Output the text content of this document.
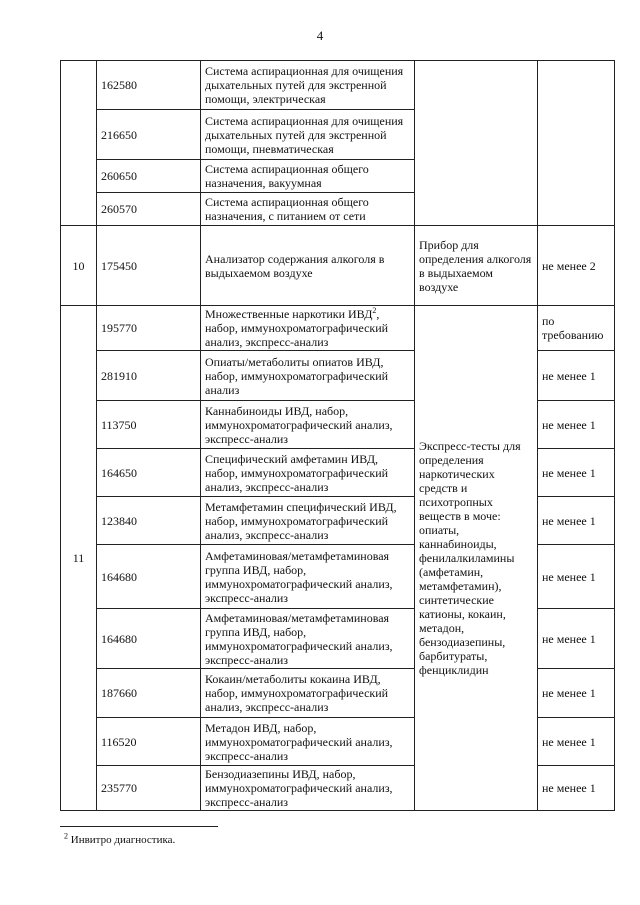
4
	162580	Система аспирационная для очищения дыхательных путей для экстренной помощи, электрическая		
	216650	Система аспирационная для очищения дыхательных путей для экстренной помощи, пневматическая		
	260650	Система аспирационная общего назначения, вакуумная		
	260570	Система аспирационная общего назначения, с питанием от сети		
10	175450	Анализатор содержания алкоголя в выдыхаемом воздухе	Прибор для определения алкоголя в выдыхаемом воздухе	не менее 2
11	195770	Множественные наркотики ИВД$^2$, набор, иммунохроматографический анализ, экспресс-анализ	Экспресс-тесты для определения наркотических средств и психотропных веществ в моче: опиаты, каннабиноиды, фенилалкиламины (амфетамин, метамфетамин), синтетические катионы, кокаин, метадон, бензодиазепины, барбитураты, фенциклидин	по требованию
	281910	Опиаты/метаболиты опиатов ИВД, набор, иммунохроматографический анализ		не менее 1
	113750	Каннабиноиды ИВД, набор, иммунохроматографический анализ, экспресс-анализ		не менее 1
	164650	Специфический амфетамин ИВД, набор, иммунохроматографический анализ, экспресс-анализ		не менее 1
	123840	Метамфетамин специфический ИВД, набор, иммунохроматографический анализ, экспресс-анализ		не менее 1
	164680	Амфетаминовая/метамфетаминовая группа ИВД, набор, иммунохроматографический анализ, экспресс-анализ		не менее 1
	164680	Амфетаминовая/метамфетаминовая группа ИВД, набор, иммунохроматографический анализ, экспресс-анализ		не менее 1
	187660	Кокаин/метаболиты кокаина ИВД, набор, иммунохроматографический анализ, экспресс-анализ		не менее 1
	116520	Метадон ИВД, набор, иммунохроматографический анализ, экспресс-анализ		не менее 1
	235770	Бензодиазепины ИВД, набор, иммунохроматографический анализ, экспресс-анализ		не менее 1
$^2$ Инвитро диагностика.
